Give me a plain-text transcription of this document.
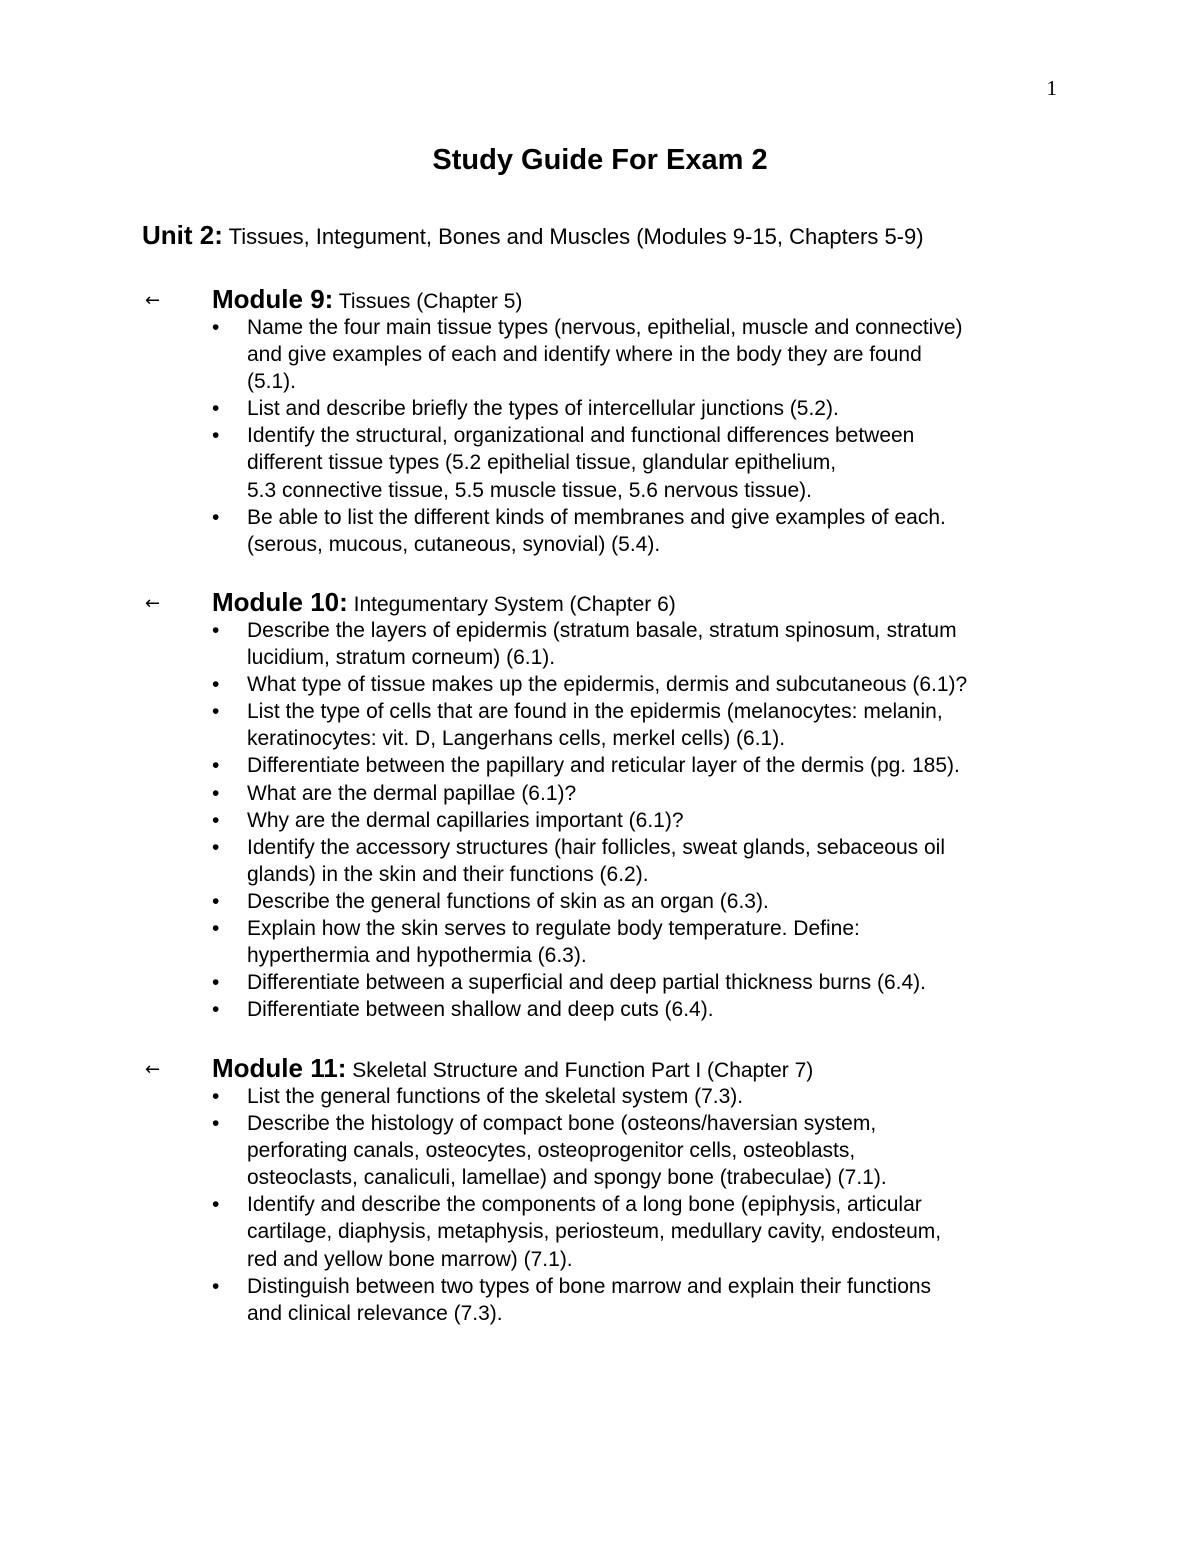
1
Study Guide For Exam 2
Unit 2: Tissues, Integument, Bones and Muscles (Modules 9-15, Chapters 5-9)
← Module 9: Tissues (Chapter 5)
• Name the four main tissue types (nervous, epithelial, muscle and connective)
and give examples of each and identify where in the body they are found
(5.1).
• List and describe briefly the types of intercellular junctions (5.2).
• Identify the structural, organizational and functional differences between
different tissue types (5.2 epithelial tissue, glandular epithelium,
5.3 connective tissue, 5.5 muscle tissue, 5.6 nervous tissue).
• Be able to list the different kinds of membranes and give examples of each.
(serous, mucous, cutaneous, synovial) (5.4).
← Module 10: Integumentary System (Chapter 6)
• Describe the layers of epidermis (stratum basale, stratum spinosum, stratum
lucidium, stratum corneum) (6.1).
• What type of tissue makes up the epidermis, dermis and subcutaneous (6.1)?
• List the type of cells that are found in the epidermis (melanocytes: melanin,
keratinocytes: vit. D, Langerhans cells, merkel cells) (6.1).
• Differentiate between the papillary and reticular layer of the dermis (pg. 185).
• What are the dermal papillae (6.1)?
• Why are the dermal capillaries important (6.1)?
• Identify the accessory structures (hair follicles, sweat glands, sebaceous oil
glands) in the skin and their functions (6.2).
• Describe the general functions of skin as an organ (6.3).
• Explain how the skin serves to regulate body temperature. Define:
hyperthermia and hypothermia (6.3).
• Differentiate between a superficial and deep partial thickness burns (6.4).
• Differentiate between shallow and deep cuts (6.4).
← Module 11: Skeletal Structure and Function Part I (Chapter 7)
• List the general functions of the skeletal system (7.3).
• Describe the histology of compact bone (osteons/haversian system,
perforating canals, osteocytes, osteoprogenitor cells, osteoblasts,
osteoclasts, canaliculi, lamellae) and spongy bone (trabeculae) (7.1).
• Identify and describe the components of a long bone (epiphysis, articular
cartilage, diaphysis, metaphysis, periosteum, medullary cavity, endosteum,
red and yellow bone marrow) (7.1).
• Distinguish between two types of bone marrow and explain their functions
and clinical relevance (7.3).
